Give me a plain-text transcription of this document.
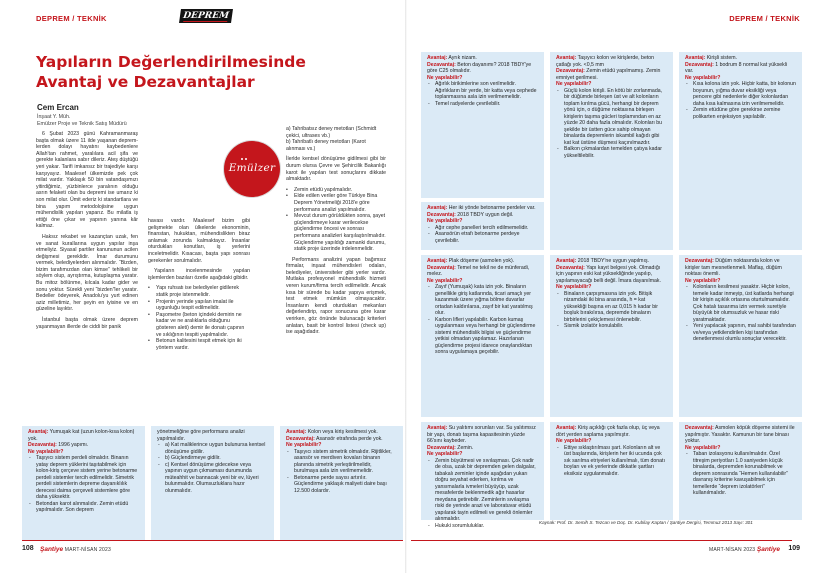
DEPREM / TEKNİK	DEPREM
Yapıların Değerlendirilmesinde Avantaj ve Dezavantajlar
Cem Ercan
İnşaat Y. Müh.
Emülzer Proje ve Teknik Satış Müdürü
Emülzer

6 Şubat 2023 günü Kahramanmaraş başta olmak üzere 11 ilde yaşanan depremlerden dolayı hayatını kaybedenlere Allah'tan rahmet, yaralılara acil şifa ve gerekte kalanlara sabır dileriz. Ateş düştüğü yeri yakar. Tarifi imkansız bir trajediyle karşı karşıyayız. Maalesef ülkemizde pek çok milat vardır. Yaklaşık 50 bin vatandaşımızı yitirdiğimiz, yüzbinlerce yaralının olduğu asrın felaketi olan bu depremi ise umarız ki son milat olur. Ümit ederiz ki standartlara ve bina yapım metodolojisine uygun mühendislik yapıları yaparız. Bu milatla iş ettiği öne çıkar ve yapının yanına kâr kalmaz.

Haksız rekabet ve kazançtan uzak, fen ve sanat kurallarına uygun yapılar inşa etmeliyiz. Siyasal partiler kanununun acilen değişmesi gereklidir. İmar durumunu vermek, belediyelerden alınmalıdır. “Bizden, bizim tarafımızdan olan kimse” tehlikeli bir söylem olup, ayrıştırma, kutuplaşma yaratır. Bu mitoz bölünme, kılcala kadar gider ve sonu yoktur. Sürekli yeni “bizden”ler yaratır. Bedeller ödeyerek, Anadolu'yu yurt edinen aziz milletimiz, her şeyin en iyisine ve en güzeline layıktır.

İstanbul başta olmak üzere deprem yaşanmayan illerde de ciddi bir panik

havası vardır. Maalesef bizim gibi gelişmekte olan ülkelerde ekonominin, finanstan, hukuktan, mühendislikten biraz anlamak zorunda kalmaktayız. İnsanlar oturdukları konutları, iş yerlerini inceletmelidir. Kısacası, başta yapı sonrası gerekenler sorulmalıdır.

Yapıların incelenmesinde yapılan işlemlerden bazıları özetle aşağıdaki gibidir.

• Yapı ruhsatı ise belediyeler gidilerek statik proje istenmelidir.
• Projenin yerinde yapılan imalat ile uygunluğu tespit edilmelidir.
• Paşometre (beton içindeki demirin ne kadar ve ne aralıklarla olduğunu gösteren aleti) demir ile donatı çapının ve sıklığının tespiti yapılmalıdır.
• Betonun kalitesini tespit etmek için iki yöntem vardır.
a) Tahribatsız deney metotları (Schmidt çekici, ultrases vb.)
b) Tahribatlı deney metotları (Karot alınması vs.)

İlerlde kentsel dönüşüme gidilmesi gibi bir durum olursa Çevre ve Şehircilik Bakanlığı karot ile yapılan test sonuçlarını dikkate almaktadır.

• Zemin etüdü yapılmalıdır.
• Elde edilen veriler göre Türkiye Bina Deprem Yönetmeliği 2018'e göre performans analizi yapılmalıdır.
• Mevcut durum görüldükten sonra, şayet güçlendirmeye karar verilecekse güçlendirme öncesi ve sonrası performans analizleri karşılaştırılmalıdır. Güçlendirme yapıldığı zamanki durumu, statik proje üzerinde irdelenmelidir.

Performans analizini yapan bağımsız firmalar, inşaat mühendisleri odaları, belediyeler, üniversiteler gibi yerler vardır. Mutlaka profesyonel mühendislik hizmeti veren kurum/firma tercih edilmelidir. Ancak kısa bir sürede bu kadar yapıya erişmek, test etmek mümkün olmayacaktır. İnsanların kendi oturdukları mekanları değerlendirip, rapor sonucuna göre karar verirken, göz önünde bulunacağı kriterleri anlatan, basit bir kontrol listesi (check up) ise aşağıdadır.

Avantaj: Yumuşak kat (uzun kolon-kısa kolon) yok.
Dezavantaj: 1996 yapımı.
Ne yapılabilir?
- Taşıyıcı sistem perdeli olmalıdır. Binanın yatay deprem yüklerini taşıtabilmek için kolon-kiriş çerçeve sistem yerine betonarme perdeli sistemler tercih edilmelidir. Simetrik perdeli sistemlerin depreme dayanıklılık derecesi daima çerçeveli sistemlere göre daha yüksektir.
- Betondan karot alınmalıdır. Zemin etüdü yapılmalıdır. Son deprem
yönetmeliğine göre performans analizi yapılmalıdır.
- a) Kat maliklerince uygun bulunursa kentsel dönüşüme gidilir.
- b) Güçlendirmeye gidilir.
- c) Kentsel dönüşüme gidecekse veya yapının uygun çıkmaması durumunda müteahhit ve bannacak yeni bir ev, lüyeri bulunmalıdır. Olumsuzluklara hazır olunmalıdır.
Avantaj: Kolon veya kiriş kesilmesi yok.
Dezavantaj: Asansör etrafında perde yok.
Ne yapılabilir?
- Taşıyıcı sistem simetrik olmalıdır. Rijitlikler, asansör ve merdiven kovaları binanın planında simetrik yerleştirilmelidir, burulmaya asla izin verilmemelidir.
- Betonarme perde sayısı artırılır. Güçlendirme yaklaşık maliyeti daire başı 12.500 dolardır.
108 Şantiye MART-NİSAN 2023
DEPREM / TEKNİK
Avantaj: Ayrık nizam.
Dezavantaj: Beton dayanımı? 2018 TBDY'ye göre C25 olmalıdır.
Ne yapılabilir?
- Ağırlık birikimlerine son verilmelidir. Ağırlıkların bir yerde, bir katta veya cephede toplanmasına asla izin verilmemelidir.
- Temel radyelerde çevrilebilir.
Avantaj: Her iki yönde betonarme perdeler var.
Dezavantaj: 2018 TBDY uygun değil.
Ne yapılabilir?
- Ağır cephe panelleri tercih edilmemelidir.
- Asansörün etrafı betonarme perdeye çevrilebilir.
Avantaj: Taşıyıcı kolon ve kirişlerde, beton çatlağı yok. <0,5 mm
Dezavantaj: Zemin etüdü yapılmamış. Zemin emniyet gerilmesi.
Ne yapılabilir?
- Güçlü kolon kirişli. En kötü bir zorlanmada, bir düğümde birleşen üst ve alt kolonların toplam kırılma gücü, herhangi bir deprem yönü için, o düğüme noktasına birleşen kirişlerin taşıma gücleri toplamından en az yüzde 20 daha fazla olmalıdır. Kolonları bu şekilde bir üstten güce sahip olmayan binalarda depremlerin iskambil kağıdı gibi kat kat üstüne düşmesi kaçınılmazdır.
- Balkon çıkmalardan temelden çatıya kadar yükseltilebilir.
Avantaj: Kirişli sistem.
Dezavantaj: 1 bodrum 8 normal kat yüksekli var.
Ne yapılabilir?
- Kısa kolona izin yok. Hiçbir katta, bir kolonun boyunun, yığma duvar eksikliği veya pencere gibi nedenlerle diğer kolonlardan daha kısa kalmasına izin verilmemelidir.
- Zemin etüdüne göre gerekirse zemine polikarten enjeksiyon yapılabilir.
Avantaj: Plak döşeme (asmolen yok).
Dezavantaj: Temel ne tekil ne de münferadi, melez.
Ne yapılabilir?
- Zayıf (Yumuşak) kata izin yok. Binaların genellikle giriş katlarında, ticari amaçlı yer kazanmak üzere yığma bölme duvarlar ortadan kaldırılarsa, zayıf bir kat yaratılmış olur.
- Karbon lifleri yapılabilir. Karbon kumaş uygulanması veya herhangi bir güçlendirme sistemi mühendislik bilgisi ve güçlendirme yetkisi olmadan yapılamaz. Hazırlanan güçlendirme projesi idarece onaylandıktan sonra uygulamaya geçebilir.
Avantaj: 2018 TBDY'ne uygun yapılmış.
Dezavantaj: Yapı kayıt belgesi yok. Olmadığı için yapının eski kat yüksekliğinde yapılıp, yapılamayacağı belli değil. İmara dayanılmak.
Ne yapılabilir?
- Binaların çarpışmasına izin yok. Bitişik nizamdaki iki bina arasında, h = kat yüksekliği başına en az 0,015 h kadar bir boşluk bırakılırsa, depremde binaların birbirlerini çekiçlemesi önlenebilir.
- Sismik izolatör konulabilir.
Dezavantaj: Düğüm noktasında kolon ve kirişler tam mesnetlenmeli. Maflaş, düğüm noktası önemli.
Ne yapılabilir?
- Kolonların kesilmesi yasaktır. Hiçbir kolon, temele kadar inmeyip, üst katlarda herhangi bir kirişin açıklık ortasına oturtulmamalıdır. Çok hatalı tasarıma izin vermek suretiyle büyüyük bir olumsuzluk ve hasar riski yaratmaktadır.
- Yeni yapılacak yapının, mal sahibi tarafından ve/veya yetkilendirilen kişi tarafından denetlenmesi olumlu sonuçlar verecektir.
Avantaj: Su yalıtımı sorunları var. Su yalıtımsız bir yapı, donatı taşıma kapasitesinin yüzde 66'sını kaybeder.
Dezavantaj: Zemin.
Ne yapılabilir?
- Zemin büyütmesi ve sıvılaşması. Çok nadir de olsa, uzak bir depremden gelen dalgalar, tabakalı zeminler içinde aşağıdan yukarı doğru seyahat ederken, kırılma ve yansımalarla ivmeleri büyüyüp, uzak mesafelerde beklenmedik ağır hasarlar meydana getirebilir. Zeminlerin sıvılaşma riski de yerinde arazi ve laboratuvar etüdü yapılarak tayin edilmeli ve gerekli önlemler alınmalıdır.
- Hukuki sorumluluklar.
Avantaj: Kiriş açıklığı çok fazla olup, üç veya dört yerden saplama yapılmıştır.
Ne yapılabilir?
- Ettiye sıklaştırılması şart. Kolonların alt ve üst başlarında, kirişlerin her iki ucunda çok sık sarılma etriyeleri kullanılmalı, tüm donatı boyları ve ek yerlerinde dikkatle şartları eksiksiz uygulanmalıdır.
Dezavantaj: Asmolen köpük döşeme sistemi ile yapılmıştır. Yasaktır. Kamunun bir tane binası yoktur.
Ne yapılabilir?
- Taban izolasyonu kullanılmalıdır. Özel titreşim periyotları 1.0 saniyeden küçük binalarda, depremden korunabilmek ve deprem sonrasında “Hemen kullanılabilir” davranış kriterine kavuşabilmek için temellerde “deprem izolatörleri” kullanılmalıdır.
Kaynak: Prof. Dr. Semih S. Tezcan ve Doç. Dr. Kubilay Kaptan / Şantiye Dergisi, Temmuz 2013 Sayı: 301
MART-NİSAN 2023 Şantiye 109
